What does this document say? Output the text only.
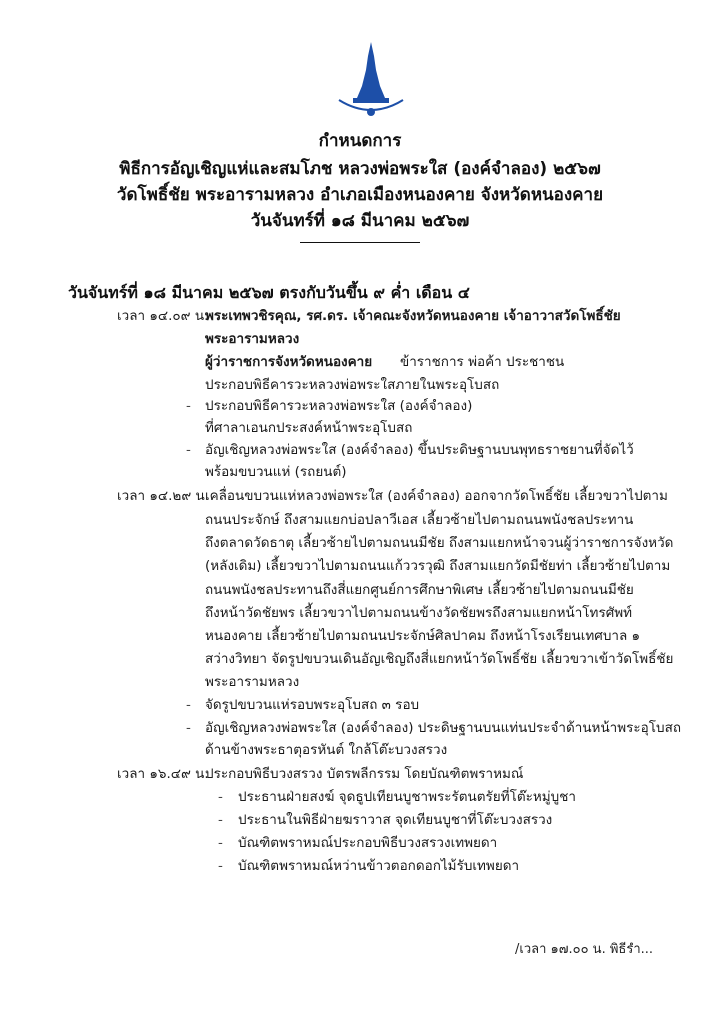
กำหนดการ
พิธีการอัญเชิญแห่และสมโภช หลวงพ่อพระใส (องค์จำลอง) ๒๕๖๗
วัดโพธิ์ชัย พระอารามหลวง อำเภอเมืองหนองคาย จังหวัดหนองคาย
วันจันทร์ที่ ๑๘ มีนาคม ๒๕๖๗
วันจันทร์ที่ ๑๘ มีนาคม ๒๕๖๗ ตรงกับวันขึ้น ๙ ค่ำ เดือน ๔
เวลา ๑๔.๐๙ น.
พระเทพวชิรคุณ, รศ.ดร. เจ้าคณะจังหวัดหนองคาย เจ้าอาวาสวัดโพธิ์ชัย
พระอารามหลวง
ผู้ว่าราชการจังหวัดหนองคาย ข้าราชการ พ่อค้า ประชาชน
ประกอบพิธีคารวะหลวงพ่อพระใสภายในพระอุโบสถ
- ประกอบพิธีคารวะหลวงพ่อพระใส (องค์จำลอง)
ที่ศาลาเอนกประสงค์หน้าพระอุโบสถ
- อัญเชิญหลวงพ่อพระใส (องค์จำลอง) ขึ้นประดิษฐานบนพุทธราชยานที่จัดไว้
พร้อมขบวนแห่ (รถยนต์)
เวลา ๑๔.๒๙ น.
เคลื่อนขบวนแห่หลวงพ่อพระใส (องค์จำลอง) ออกจากวัดโพธิ์ชัย เลี้ยวขวาไปตาม
ถนนประจักษ์ ถึงสามแยกบ่อปลาวีเอส เลี้ยวซ้ายไปตามถนนพนังชลประทาน
ถึงตลาดวัดธาตุ เลี้ยวซ้ายไปตามถนนมีชัย ถึงสามแยกหน้าจวนผู้ว่าราชการจังหวัด
(หลังเดิม) เลี้ยวขวาไปตามถนนแก้ววรวุฒิ ถึงสามแยกวัดมีชัยท่า เลี้ยวซ้ายไปตาม
ถนนพนังชลประทานถึงสี่แยกศูนย์การศึกษาพิเศษ เลี้ยวซ้ายไปตามถนนมีชัย
ถึงหน้าวัดชัยพร เลี้ยวขวาไปตามถนนข้างวัดชัยพรถึงสามแยกหน้าโทรศัพท์
หนองคาย เลี้ยวซ้ายไปตามถนนประจักษ์ศิลปาคม ถึงหน้าโรงเรียนเทศบาล ๑
สว่างวิทยา จัดรูปขบวนเดินอัญเชิญถึงสี่แยกหน้าวัดโพธิ์ชัย เลี้ยวขวาเข้าวัดโพธิ์ชัย
พระอารามหลวง
- จัดรูปขบวนแห่รอบพระอุโบสถ ๓ รอบ
- อัญเชิญหลวงพ่อพระใส (องค์จำลอง) ประดิษฐานบนแท่นประจำด้านหน้าพระอุโบสถ
ด้านข้างพระธาตุอรหันต์ ใกล้โต๊ะบวงสรวง
เวลา ๑๖.๔๙ น.
ประกอบพิธีบวงสรวง บัตรพลีกรรม โดยบัณฑิตพราหมณ์
- ประธานฝ่ายสงฆ์ จุดธูปเทียนบูชาพระรัตนตรัยที่โต๊ะหมู่บูชา
- ประธานในพิธีฝ่ายฆราวาส จุดเทียนบูชาที่โต๊ะบวงสรวง
- บัณฑิตพราหมณ์ประกอบพิธีบวงสรวงเทพยดา
- บัณฑิตพราหมณ์หว่านข้าวตอกดอกไม้รับเทพยดา
/เวลา ๑๗.๐๐ น. พิธีรำ...
